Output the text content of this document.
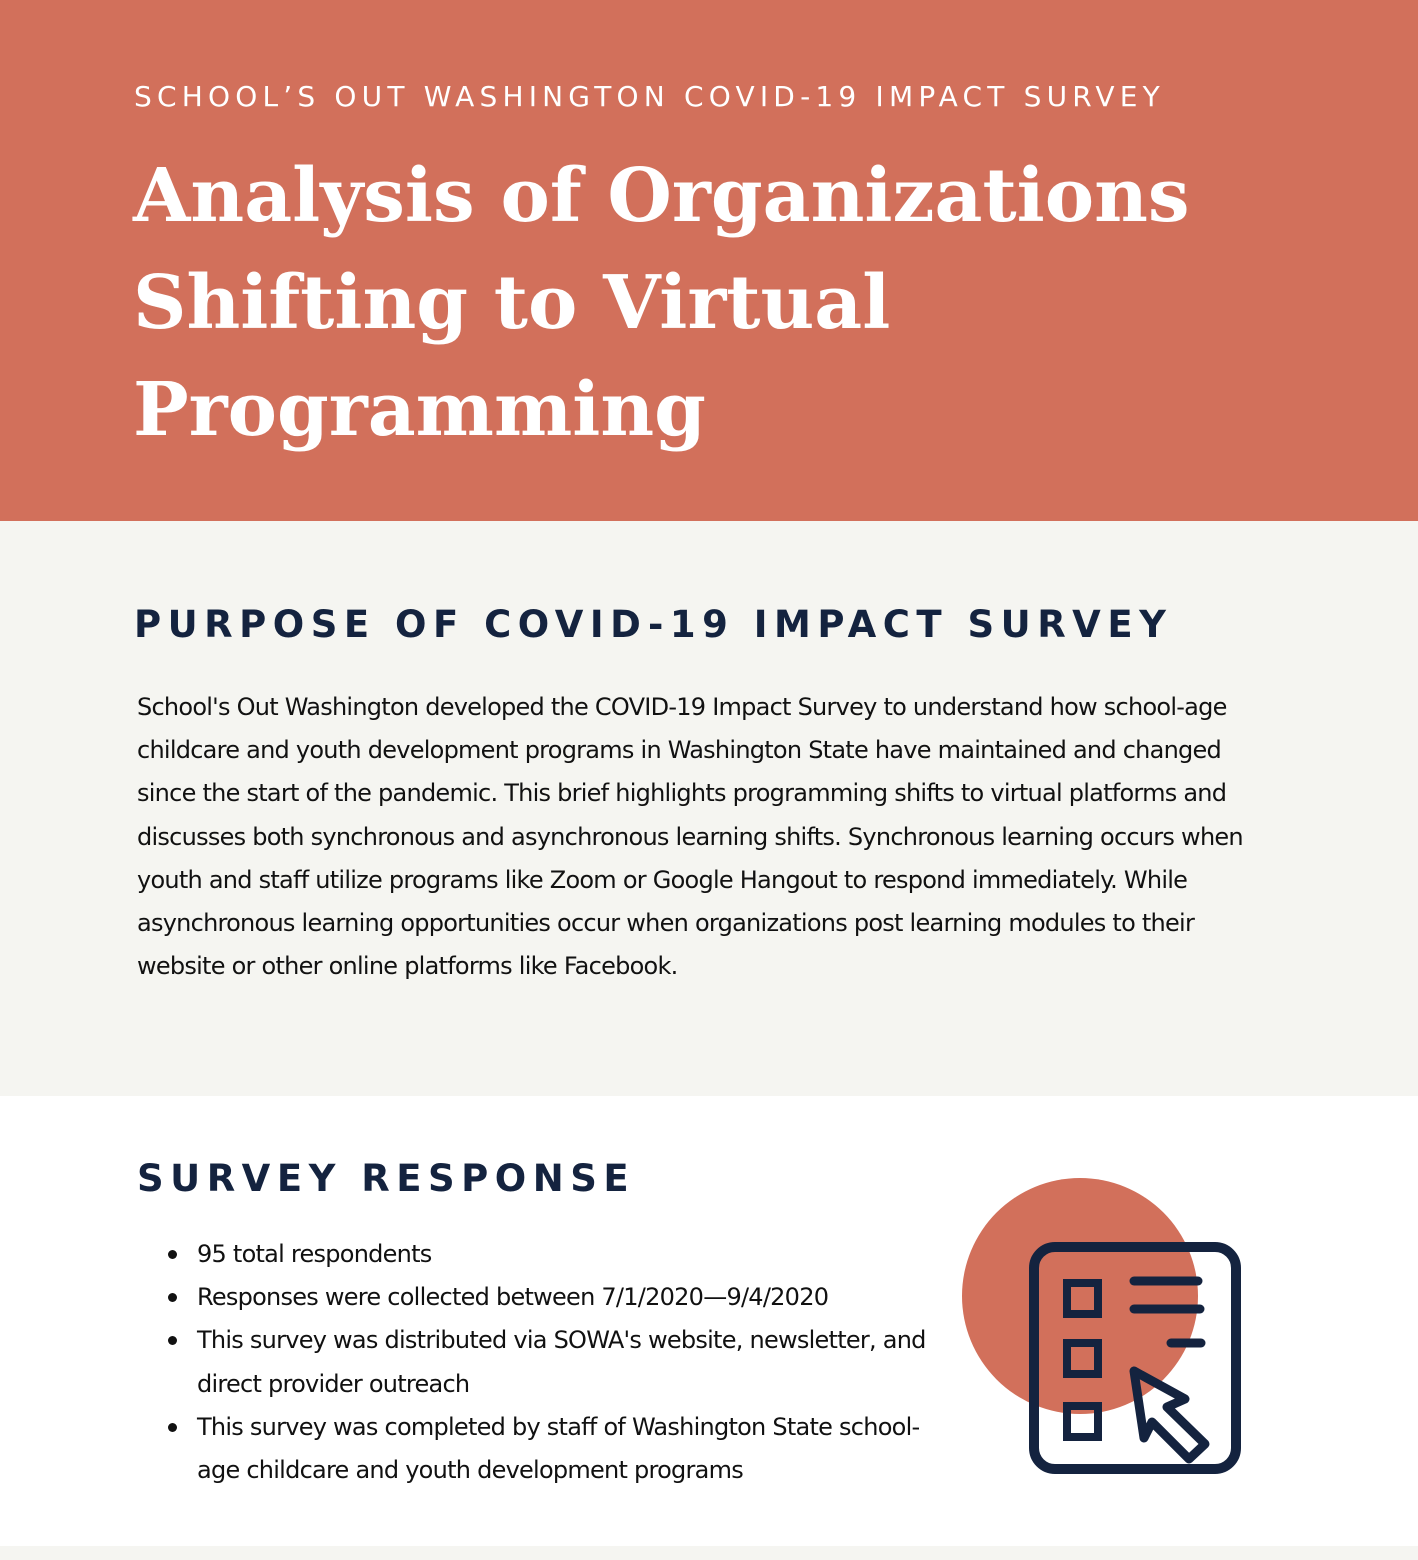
SCHOOL’S OUT WASHINGTON COVID-19 IMPACT SURVEY
Analysis of Organizations
Shifting to Virtual
Programming
PURPOSE OF COVID-19 IMPACT SURVEY

School's Out Washington developed the COVID-19 Impact Survey to understand how school-age childcare and youth development programs in Washington State have maintained and changed since the start of the pandemic. This brief highlights programming shifts to virtual platforms and discusses both synchronous and asynchronous learning shifts. Synchronous learning occurs when youth and staff utilize programs like Zoom or Google Hangout to respond immediately. While asynchronous learning opportunities occur when organizations post learning modules to their website or other online platforms like Facebook.

SURVEY RESPONSE
95 total respondents
Responses were collected between 7/1/2020—9/4/2020
This survey was distributed via SOWA's website, newsletter, and direct provider outreach
This survey was completed by staff of Washington State school-age childcare and youth development programs
